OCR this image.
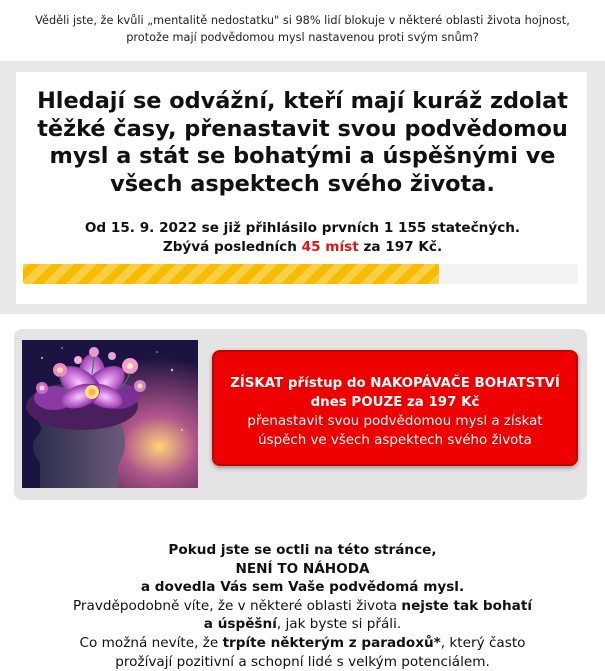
Věděli jste, že kvůli „mentalitě nedostatku" si 98% lidí blokuje v některé oblasti života hojnost,
protože mají podvědomou mysl nastavenou proti svým snům?
Hledají se odvážní, kteří mají kuráž zdolat
těžké časy, přenastavit svou podvědomou
mysl a stát se bohatými a úspěšnými ve
všech aspektech svého života.
Od 15. 9. 2022 se již přihlásilo prvních 1 155 statečných.
Zbývá posledních 45 míst za 197 Kč.
ZÍSKAT přístup do NAKOPÁVAČE BOHATSTVÍ
dnes POUZE za 197 Kč
přenastavit svou podvědomou mysl a získat
úspěch ve všech aspektech svého života
Pokud jste se octli na této stránce,
NENÍ TO NÁHODA
a dovedla Vás sem Vaše podvědomá mysl.
Pravděpodobně víte, že v některé oblasti života nejste tak bohatí
a úspěšní, jak byste si přáli.
Co možná nevíte, že trpíte některým z paradoxů*, který často
prožívají pozitivní a schopní lidé s velkým potenciálem.
